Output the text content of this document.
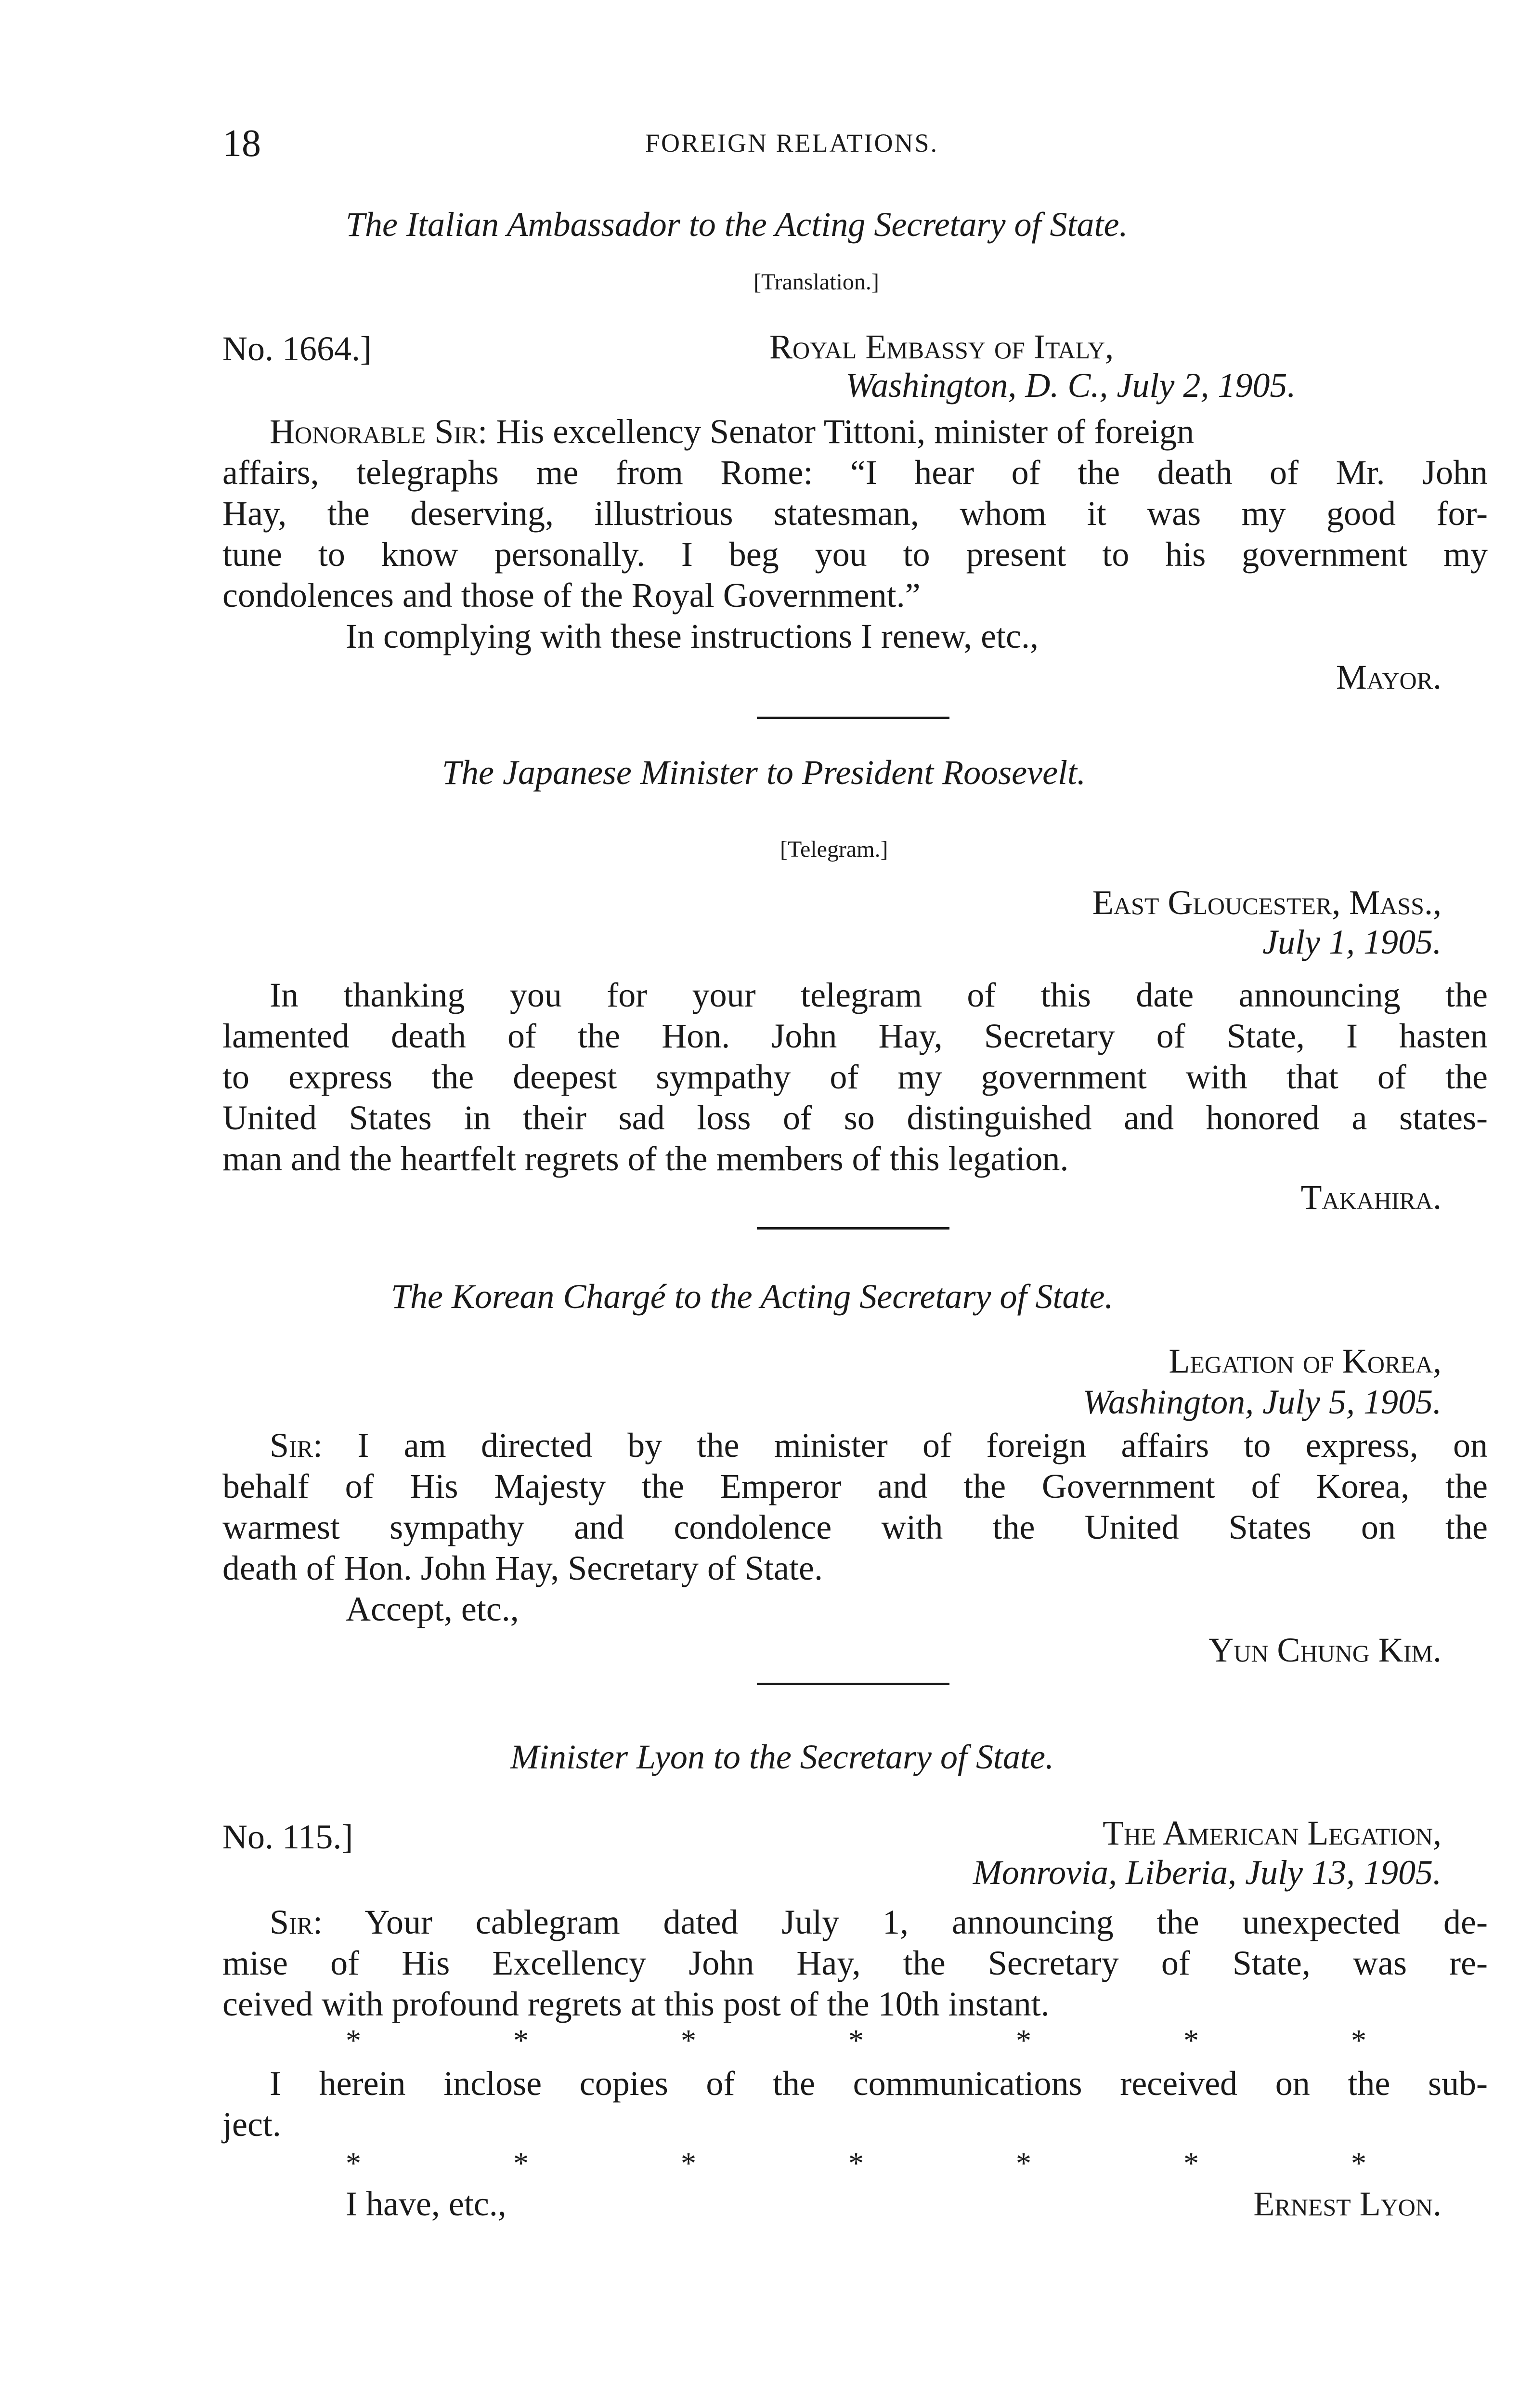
18	FOREIGN RELATIONS.
The Italian Ambassador to the Acting Secretary of State.
[Translation.]
No. 1664.]	Royal Embassy of Italy,
Washington, D. C., July 2, 1905.
Honorable Sir: His excellency Senator Tittoni, minister of foreign
affairs, telegraphs me from Rome: “I hear of the death of Mr. John
Hay, the deserving, illustrious statesman, whom it was my good for-
tune to know personally. I beg you to present to his government my
condolences and those of the Royal Government.”
In complying with these instructions I renew, etc.,
Mayor.
The Japanese Minister to President Roosevelt.
[Telegram.]
East Gloucester, Mass.,
July 1, 1905.
In thanking you for your telegram of this date announcing the
lamented death of the Hon. John Hay, Secretary of State, I hasten
to express the deepest sympathy of my government with that of the
United States in their sad loss of so distinguished and honored a states-
man and the heartfelt regrets of the members of this legation.
Takahira.
The Korean Chargé to the Acting Secretary of State.
Legation of Korea,
Washington, July 5, 1905.
Sir: I am directed by the minister of foreign affairs to express, on
behalf of His Majesty the Emperor and the Government of Korea, the
warmest sympathy and condolence with the United States on the
death of Hon. John Hay, Secretary of State.
Accept, etc.,
Yun Chung Kim.
Minister Lyon to the Secretary of State.
No. 115.]	The American Legation,
Monrovia, Liberia, July 13, 1905.
Sir: Your cablegram dated July 1, announcing the unexpected de-
mise of His Excellency John Hay, the Secretary of State, was re-
ceived with profound regrets at this post of the 10th instant.
*	*	*	*	*	*	*
I herein inclose copies of the communications received on the sub-
ject.
*	*	*	*	*	*	*
I have, etc.,	Ernest Lyon.
